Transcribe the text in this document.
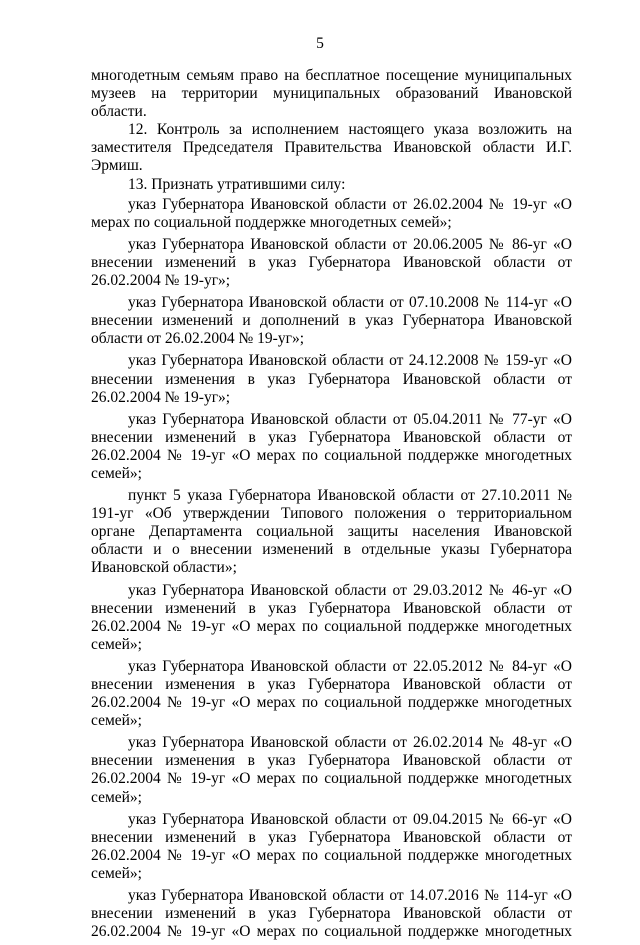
5

многодетным семьям право на бесплатное посещение муниципальных музеев на территории муниципальных образований Ивановской области.

12. Контроль за исполнением настоящего указа возложить на заместителя Председателя Правительства Ивановской области И.Г. Эрмиш.

13. Признать утратившими силу:

указ Губернатора Ивановской области от 26.02.2004 № 19-уг «О мерах по социальной поддержке многодетных семей»;

указ Губернатора Ивановской области от 20.06.2005 № 86-уг «О внесении изменений в указ Губернатора Ивановской области от 26.02.2004 № 19-уг»;

указ Губернатора Ивановской области от 07.10.2008 № 114-уг «О внесении изменений и дополнений в указ Губернатора Ивановской области от 26.02.2004 № 19-уг»;

указ Губернатора Ивановской области от 24.12.2008 № 159-уг «О внесении изменения в указ Губернатора Ивановской области от 26.02.2004 № 19-уг»;

указ Губернатора Ивановской области от 05.04.2011 № 77-уг «О внесении изменений в указ Губернатора Ивановской области от 26.02.2004 № 19-уг «О мерах по социальной поддержке многодетных семей»;

пункт 5 указа Губернатора Ивановской области от 27.10.2011 № 191-уг «Об утверждении Типового положения о территориальном органе Департамента социальной защиты населения Ивановской области и о внесении изменений в отдельные указы Губернатора Ивановской области»;

указ Губернатора Ивановской области от 29.03.2012 № 46-уг «О внесении изменений в указ Губернатора Ивановской области от 26.02.2004 № 19-уг «О мерах по социальной поддержке многодетных семей»;

указ Губернатора Ивановской области от 22.05.2012 № 84-уг «О внесении изменения в указ Губернатора Ивановской области от 26.02.2004 № 19-уг «О мерах по социальной поддержке многодетных семей»;

указ Губернатора Ивановской области от 26.02.2014 № 48-уг «О внесении изменения в указ Губернатора Ивановской области от 26.02.2004 № 19-уг «О мерах по социальной поддержке многодетных семей»;

указ Губернатора Ивановской области от 09.04.2015 № 66-уг «О внесении изменений в указ Губернатора Ивановской области от 26.02.2004 № 19-уг «О мерах по социальной поддержке многодетных семей»;

указ Губернатора Ивановской области от 14.07.2016 № 114-уг «О внесении изменений в указ Губернатора Ивановской области от 26.02.2004 № 19-уг «О мерах по социальной поддержке многодетных
